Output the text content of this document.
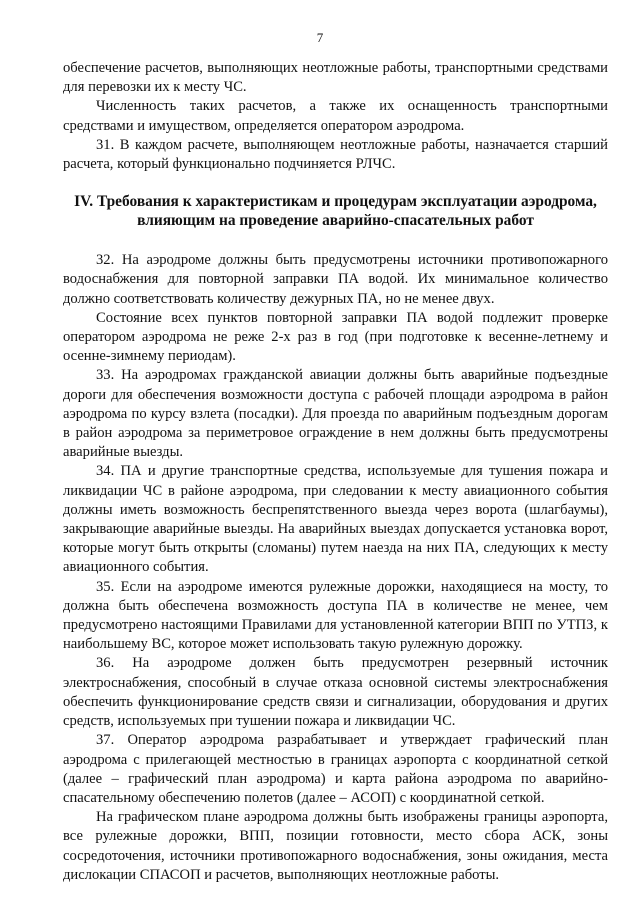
7

обеспечение расчетов, выполняющих неотложные работы, транспортными средствами для перевозки их к месту ЧС.

Численность таких расчетов, а также их оснащенность транспортными средствами и имуществом, определяется оператором аэродрома.

31. В каждом расчете, выполняющем неотложные работы, назначается старший расчета, который функционально подчиняется РЛЧС.

IV. Требования к характеристикам и процедурам эксплуатации аэродрома, влияющим на проведение аварийно-спасательных работ

32. На аэродроме должны быть предусмотрены источники противопожарного водоснабжения для повторной заправки ПА водой. Их минимальное количество должно соответствовать количеству дежурных ПА, но не менее двух.

Состояние всех пунктов повторной заправки ПА водой подлежит проверке оператором аэродрома не реже 2-х раз в год (при подготовке к весенне-летнему и осенне-зимнему периодам).

33. На аэродромах гражданской авиации должны быть аварийные подъездные дороги для обеспечения возможности доступа с рабочей площади аэродрома в район аэродрома по курсу взлета (посадки). Для проезда по аварийным подъездным дорогам в район аэродрома за периметровое ограждение в нем должны быть предусмотрены аварийные выезды.

34. ПА и другие транспортные средства, используемые для тушения пожара и ликвидации ЧС в районе аэродрома, при следовании к месту авиационного события должны иметь возможность беспрепятственного выезда через ворота (шлагбаумы), закрывающие аварийные выезды. На аварийных выездах допускается установка ворот, которые могут быть открыты (сломаны) путем наезда на них ПА, следующих к месту авиационного события.

35. Если на аэродроме имеются рулежные дорожки, находящиеся на мосту, то должна быть обеспечена возможность доступа ПА в количестве не менее, чем предусмотрено настоящими Правилами для установленной категории ВПП по УТПЗ, к наибольшему ВС, которое может использовать такую рулежную дорожку.

36. На аэродроме должен быть предусмотрен резервный источник электроснабжения, способный в случае отказа основной системы электроснабжения обеспечить функционирование средств связи и сигнализации, оборудования и других средств, используемых при тушении пожара и ликвидации ЧС.

37. Оператор аэродрома разрабатывает и утверждает графический план аэродрома с прилегающей местностью в границах аэропорта с координатной сеткой (далее – графический план аэродрома) и карта района аэродрома по аварийно-спасательному обеспечению полетов (далее – АСОП) с координатной сеткой.

На графическом плане аэродрома должны быть изображены границы аэропорта, все рулежные дорожки, ВПП, позиции готовности, место сбора АСК, зоны сосредоточения, источники противопожарного водоснабжения, зоны ожидания, места дислокации СПАСОП и расчетов, выполняющих неотложные работы.
